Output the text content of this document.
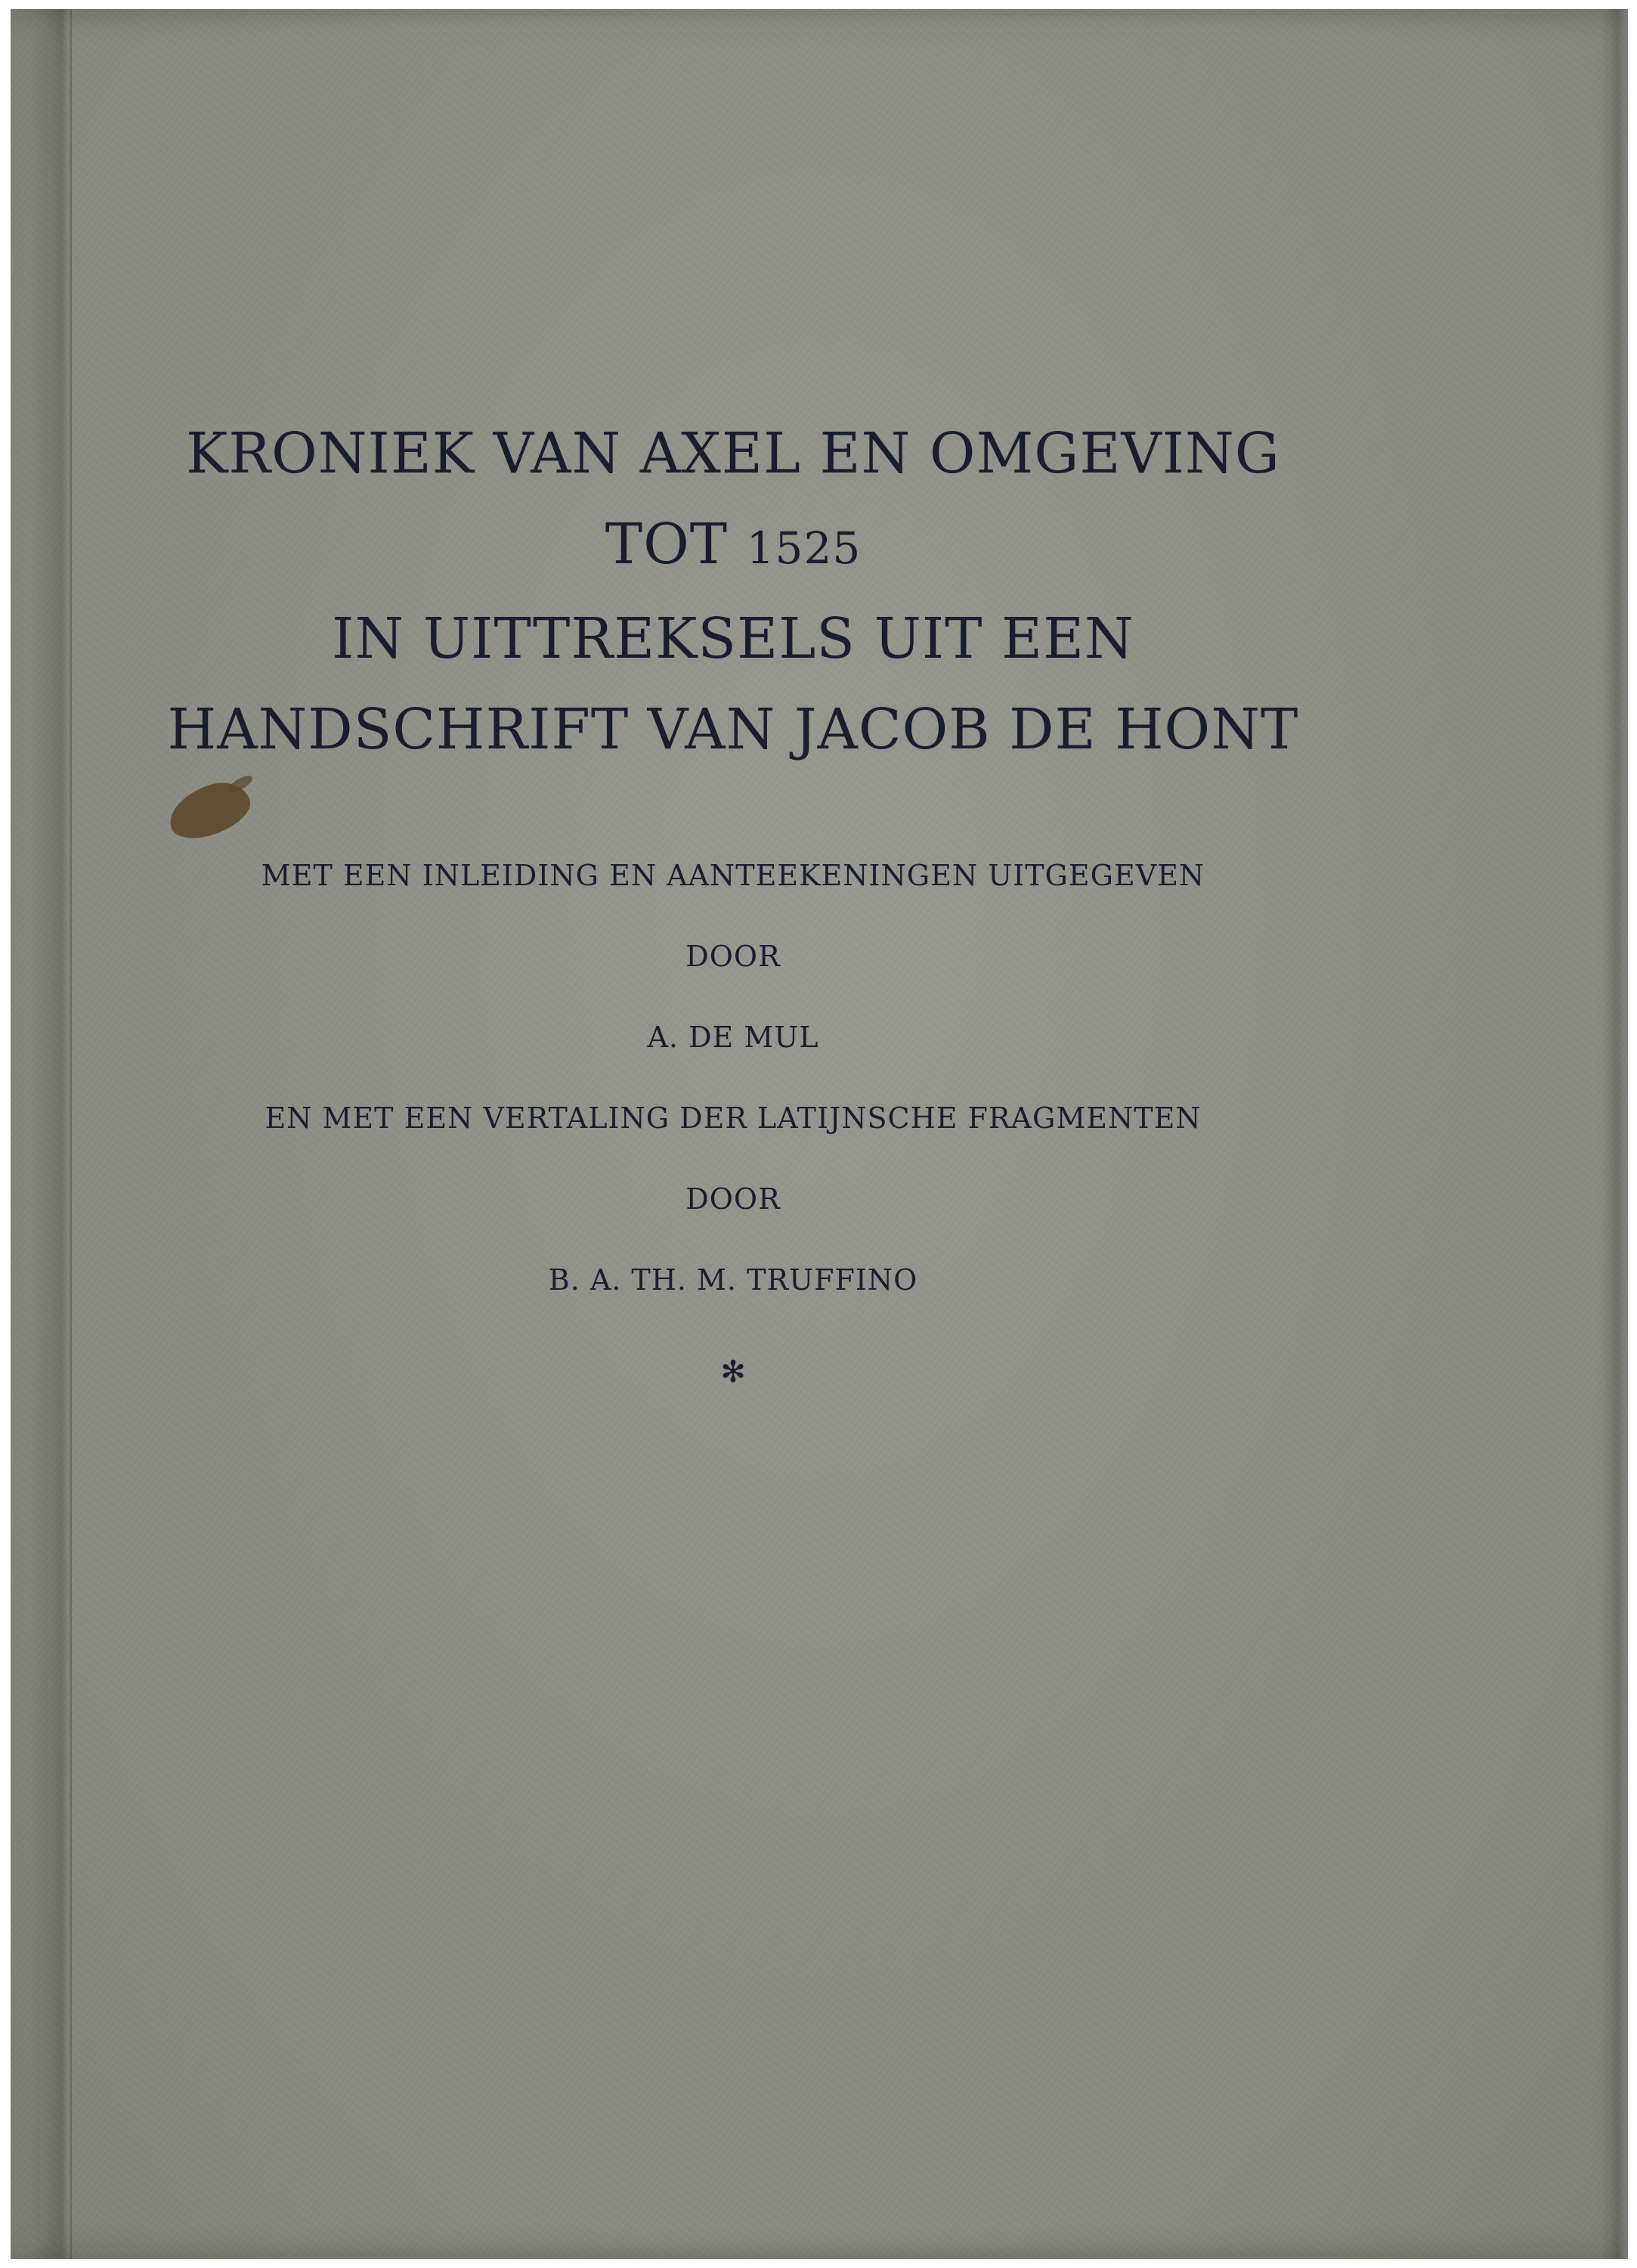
KRONIEK VAN AXEL EN OMGEVING
TOT 1525
IN UITTREKSELS UIT EEN
HANDSCHRIFT VAN JACOB DE HONT
MET EEN INLEIDING EN AANTEEKENINGEN UITGEGEVEN
DOOR
A. DE MUL
EN MET EEN VERTALING DER LATIJNSCHE FRAGMENTEN
DOOR
B. A. TH. M. TRUFFINO
✻
